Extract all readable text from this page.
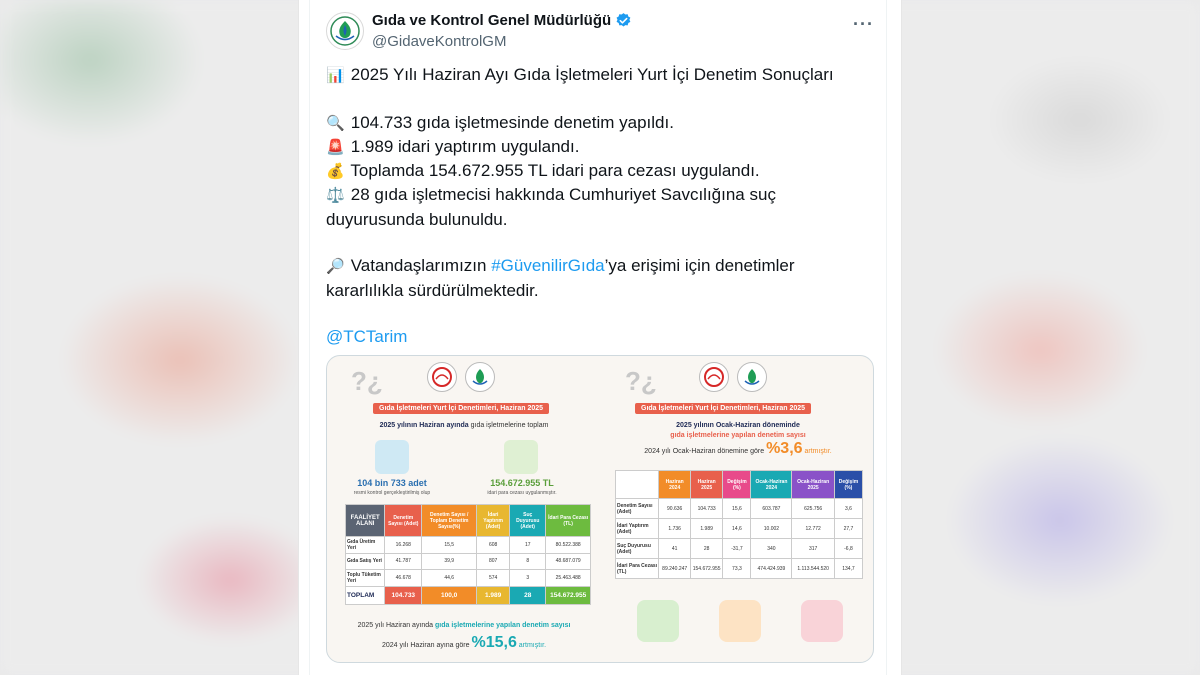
Gıda ve Kontrol Genel Müdürlüğü
@GidaveKontrolGM
···
📊 2025 Yılı Haziran Ayı Gıda İşletmeleri Yurt İçi Denetim Sonuçları
🔍 104.733 gıda işletmesinde denetim yapıldı.
🚨 1.989 idari yaptırım uygulandı.
💰 Toplamda 154.672.955 TL idari para cezası uygulandı.
⚖️ 28 gıda işletmecisi hakkında Cumhuriyet Savcılığına suç
duyurusunda bulunuldu.
🔎 Vatandaşlarımızın #GüvenilirGıda’ya erişimi için denetimler
kararlılıkla sürdürülmektedir.
@TCTarim
?¿
Gıda İşletmeleri Yurt İçi Denetimleri, Haziran 2025
2025 yılının Haziran ayında gıda işletmelerine toplam
104 bin 733 adet
resmi kontrol gerçekleştirilmiş olup
154.672.955 TL
idari para cezası uygulanmıştır.
FAALİYET ALANI	Denetim Sayısı (Adet)	Denetim Sayısı / Toplam Denetim Sayısı(%)	İdari Yaptırım (Adet)	Suç Duyurusu (Adet)	İdari Para Cezası (TL)
Gıda Üretim Yeri	16.268	15,5	608	17	80.522.388
Gıda Satış Yeri	41.787	39,9	807	8	48.687.079
Toplu Tüketim Yeri	46.678	44,6	574	3	25.463.488
TOPLAM	104.733	100,0	1.989	28	154.672.955
2025 yılı Haziran ayında gıda işletmelerine yapılan denetim sayısı
2024 yılı Haziran ayına göre %15,6 artmıştır.
?¿
Gıda İşletmeleri Yurt İçi Denetimleri, Haziran 2025
2025 yılının Ocak-Haziran döneminde
gıda işletmelerine yapılan denetim sayısı
2024 yılı Ocak-Haziran dönemine göre %3,6 artmıştır.
	Haziran 2024	Haziran 2025	Değişim (%)	Ocak-Haziran 2024	Ocak-Haziran 2025	Değişim (%)
Denetim Sayısı (Adet)	90.636	104.733	15,6	603.787	625.756	3,6
İdari Yaptırım (Adet)	1.736	1.989	14,6	10.002	12.772	27,7
Suç Duyurusu (Adet)	41	28	-31,7	340	317	-6,8
İdari Para Cezası (TL)	89.240.247	154.672.955	73,3	474.424.939	1.113.544.520	134,7
